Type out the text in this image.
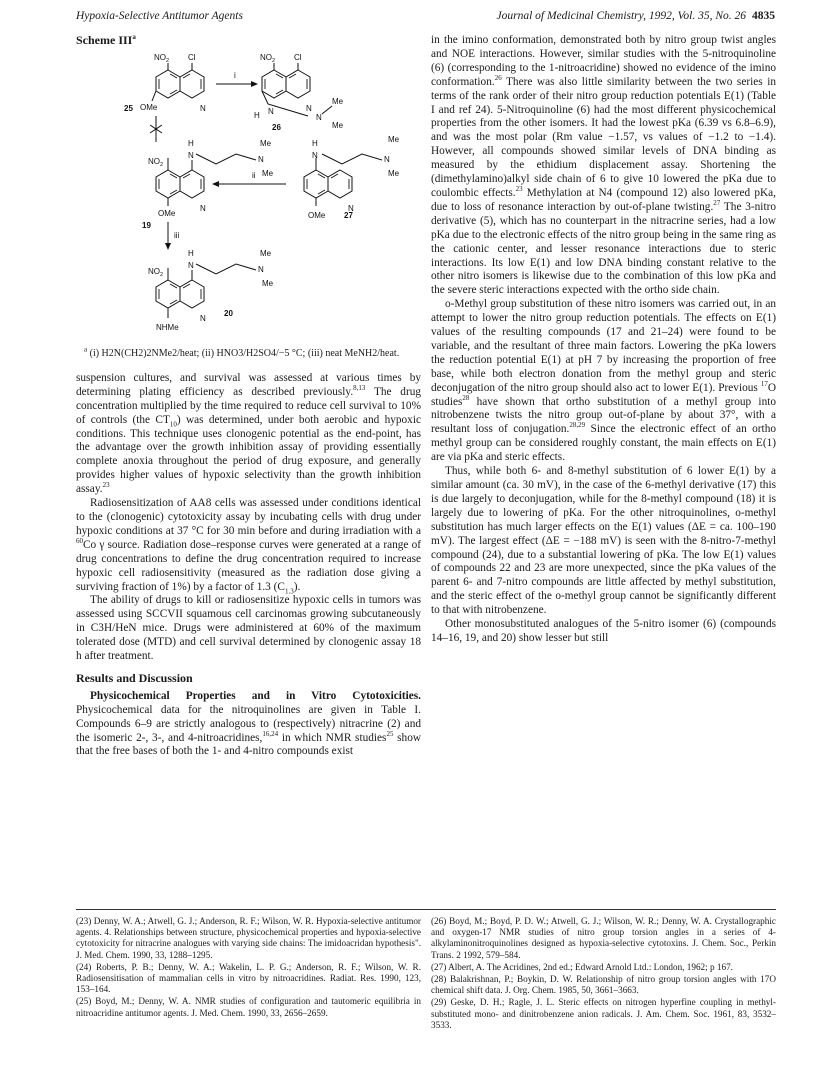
Hypoxia-Selective Antitumor Agents	Journal of Medicinal Chemistry, 1992, Vol. 35, No. 26 4835
Scheme III$^a$
$NO_2$ Cl
N
OMe
25
i
$NO_2$ Cl
N
H N
N
Me
Me
26
$NO_2$
H
N	N
Me
Me
N
OMe
19
H
N	N
Me
Me
N
OMe 27
ii
iii
$NO_2$
H
N	N
Me
Me
N
20
NHMe
$^a$ (i) H2N(CH2)2NMe2/heat; (ii) HNO3/H2SO4/−5 °C; (iii) neat MeNH2/heat.

suspension cultures, and survival was assessed at various times by determining plating efficiency as described previously.$^{8,13}$ The drug concentration multiplied by the time required to reduce cell survival to 10% of controls (the $CT_{10}$) was determined, under both aerobic and hypoxic conditions. This technique uses clonogenic potential as the end-point, has the advantage over the growth inhibition assay of providing essentially complete anoxia throughout the period of drug exposure, and generally provides higher values of hypoxic selectivity than the growth inhibition assay.$^{23}$

Radiosensitization of AA8 cells was assessed under conditions identical to the (clonogenic) cytotoxicity assay by incubating cells with drug under hypoxic conditions at 37 °C for 30 min before and during irradiation with a $^{60}$Co γ source. Radiation dose–response curves were generated at a range of drug concentrations to define the drug concentration required to increase hypoxic cell radiosensitivity (measured as the radiation dose giving a surviving fraction of 1%) by a factor of 1.3 $(C_{1.3})$.

The ability of drugs to kill or radiosensitize hypoxic cells in tumors was assessed using SCCVII squamous cell carcinomas growing subcutaneously in C3H/HeN mice. Drugs were administered at 60% of the maximum tolerated dose (MTD) and cell survival determined by clonogenic assay 18 h after treatment.

Results and Discussion

Physicochemical Properties and in Vitro Cytotoxicities. Physicochemical data for the nitroquinolines are given in Table I. Compounds 6–9 are strictly analogous to (respectively) nitracrine (2) and the isomeric 2-, 3-, and 4-nitroacridines,$^{16,24}$ in which NMR studies$^{25}$ show that the free bases of both the 1- and 4-nitro compounds exist

in the imino conformation, demonstrated both by nitro group twist angles and NOE interactions. However, similar studies with the 5-nitroquinoline (6) (corresponding to the 1-nitroacridine) showed no evidence of the imino conformation.$^{26}$ There was also little similarity between the two series in terms of the rank order of their nitro group reduction potentials E(1) (Table I and ref 24). 5-Nitroquinoline (6) had the most different physicochemical properties from the other isomers. It had the lowest pKa (6.39 vs 6.8–6.9), and was the most polar (Rm value −1.57, vs values of −1.2 to −1.4). However, all compounds showed similar levels of DNA binding as measured by the ethidium displacement assay. Shortening the (dimethylamino)alkyl side chain of 6 to give 10 lowered the pKa due to coulombic effects.$^{23}$ Methylation at N4 (compound 12) also lowered pKa, due to loss of resonance interaction by out-of-plane twisting.$^{27}$ The 3-nitro derivative (5), which has no counterpart in the nitracrine series, had a low pKa due to the electronic effects of the nitro group being in the same ring as the cationic center, and lesser resonance interactions due to steric interactions. Its low E(1) and low DNA binding constant relative to the other nitro isomers is likewise due to the combination of this low pKa and the severe steric interactions expected with the ortho side chain.

o-Methyl group substitution of these nitro isomers was carried out, in an attempt to lower the nitro group reduction potentials. The effects on E(1) values of the resulting compounds (17 and 21–24) were found to be variable, and the resultant of three main factors. Lowering the pKa lowers the reduction potential E(1) at pH 7 by increasing the proportion of free base, while both electron donation from the methyl group and steric deconjugation of the nitro group should also act to lower E(1). Previous $^{17}$O studies$^{28}$ have shown that ortho substitution of a methyl group into nitrobenzene twists the nitro group out-of-plane by about 37°, with a resultant loss of conjugation.$^{28,29}$ Since the electronic effect of an ortho methyl group can be considered roughly constant, the main effects on E(1) are via pKa and steric effects.

Thus, while both 6- and 8-methyl substitution of 6 lower E(1) by a similar amount (ca. 30 mV), in the case of the 6-methyl derivative (17) this is due largely to deconjugation, while for the 8-methyl compound (18) it is largely due to lowering of pKa. For the other nitroquinolines, o-methyl substitution has much larger effects on the E(1) values (ΔE = ca. 100–190 mV). The largest effect (ΔE = −188 mV) is seen with the 8-nitro-7-methyl compound (24), due to a substantial lowering of pKa. The low E(1) values of compounds 22 and 23 are more unexpected, since the pKa values of the parent 6- and 7-nitro compounds are little affected by methyl substitution, and the steric effect of the o-methyl group cannot be significantly different to that with nitrobenzene.

Other monosubstituted analogues of the 5-nitro isomer (6) (compounds 14–16, 19, and 20) show lesser but still

(23) Denny, W. A.; Atwell, G. J.; Anderson, R. F.; Wilson, W. R. Hypoxia-selective antitumor agents. 4. Relationships between structure, physicochemical properties and hypoxia-selective cytotoxicity for nitracrine analogues with varying side chains: The imidoacridan hypothesis". J. Med. Chem. 1990, 33, 1288–1295.

(24) Roberts, P. B.; Denny, W. A.; Wakelin, L. P. G.; Anderson, R. F.; Wilson, W. R. Radiosensitisation of mammalian cells in vitro by nitroacridines. Radiat. Res. 1990, 123, 153–164.

(25) Boyd, M.; Denny, W. A. NMR studies of configuration and tautomeric equilibria in nitroacridine antitumor agents. J. Med. Chem. 1990, 33, 2656–2659.

(26) Boyd, M.; Boyd, P. D. W.; Atwell, G. J.; Wilson, W. R.; Denny, W. A. Crystallographic and oxygen-17 NMR studies of nitro group torsion angles in a series of 4-alkylaminonitroquinolines designed as hypoxia-selective cytotoxins. J. Chem. Soc., Perkin Trans. 2 1992, 579–584.

(27) Albert, A. The Acridines, 2nd ed.; Edward Arnold Ltd.: London, 1962; p 167.

(28) Balakrishnan, P.; Boykin, D. W. Relationship of nitro group torsion angles with 17O chemical shift data. J. Org. Chem. 1985, 50, 3661–3663.

(29) Geske, D. H.; Ragle, J. L. Steric effects on nitrogen hyperfine coupling in methyl-substituted mono- and dinitrobenzene anion radicals. J. Am. Chem. Soc. 1961, 83, 3532–3533.
